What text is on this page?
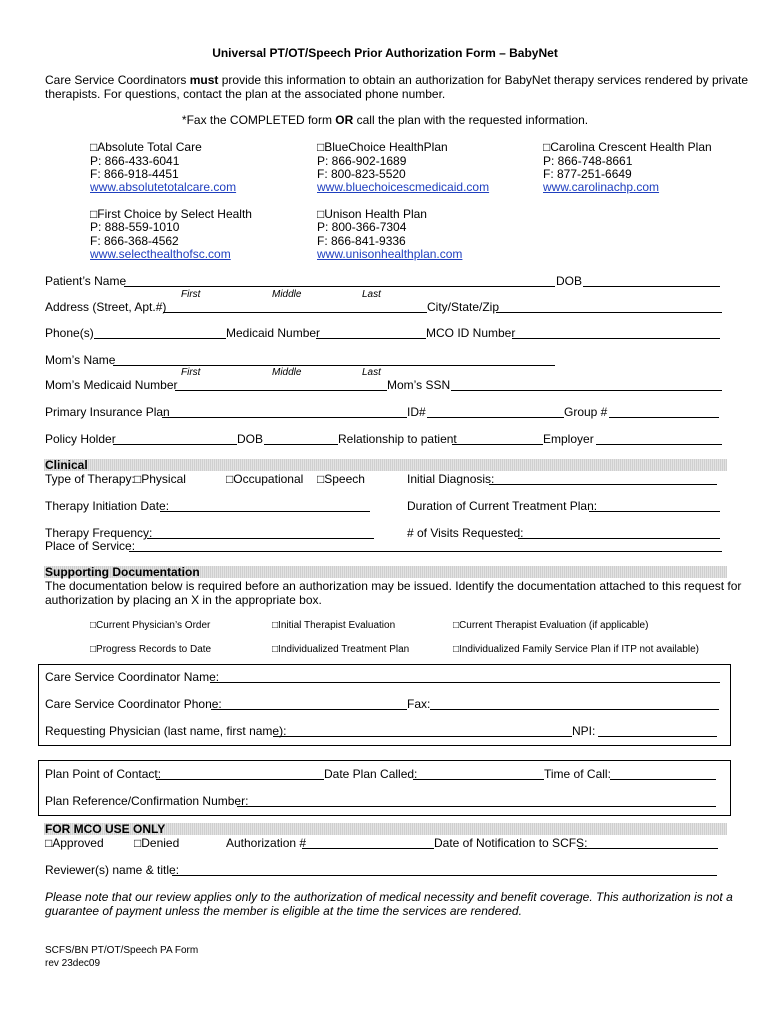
Universal PT/OT/Speech Prior Authorization Form – BabyNet
Care Service Coordinators must provide this information to obtain an authorization for BabyNet therapy services rendered by private
therapists. For questions, contact the plan at the associated phone number.
*Fax the COMPLETED form OR call the plan with the requested information.
□Absolute Total Care
P: 866-433-6041
F: 866-918-4451
www.absolutetotalcare.com
□BlueChoice HealthPlan
P: 866-902-1689
F: 800-823-5520
www.bluechoicescmedicaid.com
□Carolina Crescent Health Plan
P: 866-748-8661
F: 877-251-6649
www.carolinachp.com
□First Choice by Select Health
P: 888-559-1010
F: 866-368-4562
www.selecthealthofsc.com
□Unison Health Plan
P: 800-366-7304
F: 866-841-9336
www.unisonhealthplan.com
Patient’s Name	DOB
First	Middle	Last
Address (Street, Apt.#)	City/State/Zip
Phone(s)	Medicaid Number	MCO ID Number
Mom’s Name
First	Middle	Last
Mom’s Medicaid Number	Mom’s SSN
Primary Insurance Plan	ID#	Group #
Policy Holder	DOB	Relationship to patient	Employer
Clinical
Type of Therapy: □Physical	□Occupational □Speech	Initial Diagnosis:
Therapy Initiation Date:	Duration of Current Treatment Plan:
Therapy Frequency:	# of Visits Requested:
Place of Service:
Supporting Documentation
The documentation below is required before an authorization may be issued. Identify the documentation attached to this request for
authorization by placing an X in the appropriate box.
□Current Physician’s Order	□Initial Therapist Evaluation	□Current Therapist Evaluation (if applicable)
□Progress Records to Date	□Individualized Treatment Plan	□Individualized Family Service Plan if ITP not available)
Care Service Coordinator Name:
Care Service Coordinator Phone:	Fax:
Requesting Physician (last name, first name):	NPI:
Plan Point of Contact:	Date Plan Called:	Time of Call:
Plan Reference/Confirmation Number:
FOR MCO USE ONLY
□Approved	□Denied	Authorization #	Date of Notification to SCFS:
Reviewer(s) name & title:
Please note that our review applies only to the authorization of medical necessity and benefit coverage. This authorization is not a
guarantee of payment unless the member is eligible at the time the services are rendered.
SCFS/BN PT/OT/Speech PA Form
rev 23dec09
